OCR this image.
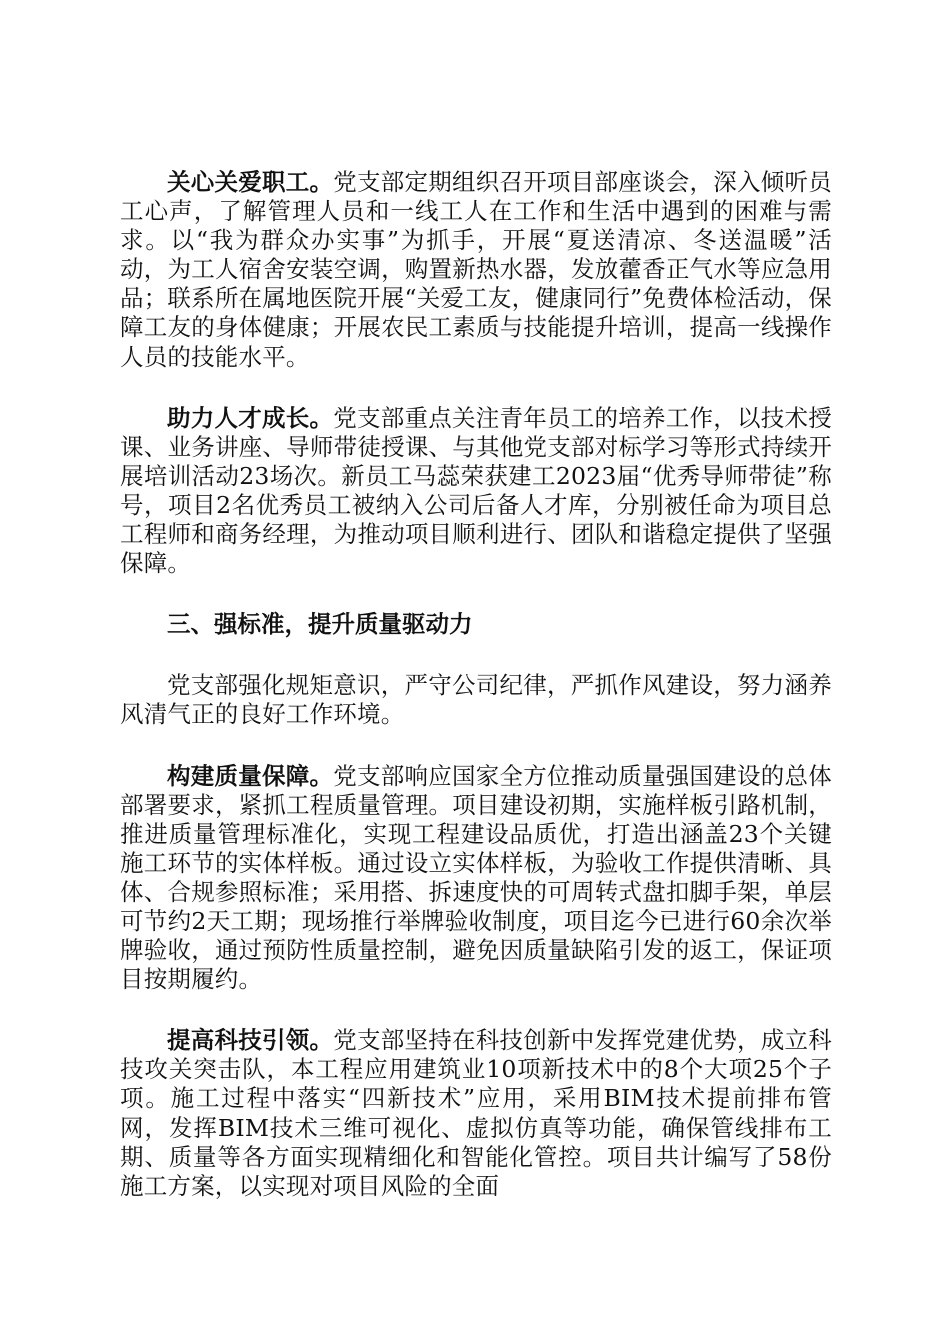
关心关爱职工。党支部定期组织召开项目部座谈会，深入倾听员工心声，了解管理人员和一线工人在工作和生活中遇到的困难与需求。以“我为群众办实事”为抓手，开展“夏送清凉、冬送温暖”活动，为工人宿舍安装空调，购置新热水器，发放藿香正气水等应急用品；联系所在属地医院开展“关爱工友，健康同行”免费体检活动，保障工友的身体健康；开展农民工素质与技能提升培训，提高一线操作人员的技能水平。

助力人才成长。党支部重点关注青年员工的培养工作，以技术授课、业务讲座、导师带徒授课、与其他党支部对标学习等形式持续开展培训活动23场次。新员工马蕊荣获建工2023届“优秀导师带徒”称号，项目2名优秀员工被纳入公司后备人才库，分别被任命为项目总工程师和商务经理，为推动项目顺利进行、团队和谐稳定提供了坚强保障。

三、强标准，提升质量驱动力

党支部强化规矩意识，严守公司纪律，严抓作风建设，努力涵养风清气正的良好工作环境。

构建质量保障。党支部响应国家全方位推动质量强国建设的总体部署要求，紧抓工程质量管理。项目建设初期，实施样板引路机制，推进质量管理标准化，实现工程建设品质优，打造出涵盖23个关键施工环节的实体样板。通过设立实体样板，为验收工作提供清晰、具体、合规参照标准；采用搭、拆速度快的可周转式盘扣脚手架，单层可节约2天工期；现场推行举牌验收制度，项目迄今已进行60余次举牌验收，通过预防性质量控制，避免因质量缺陷引发的返工，保证项目按期履约。

提高科技引领。党支部坚持在科技创新中发挥党建优势，成立科技攻关突击队，本工程应用建筑业10项新技术中的8个大项25个子项。施工过程中落实“四新技术”应用，采用BIM技术提前排布管网，发挥BIM技术三维可视化、虚拟仿真等功能，确保管线排布工期、质量等各方面实现精细化和智能化管控。项目共计编写了58份施工方案，以实现对项目风险的全面
